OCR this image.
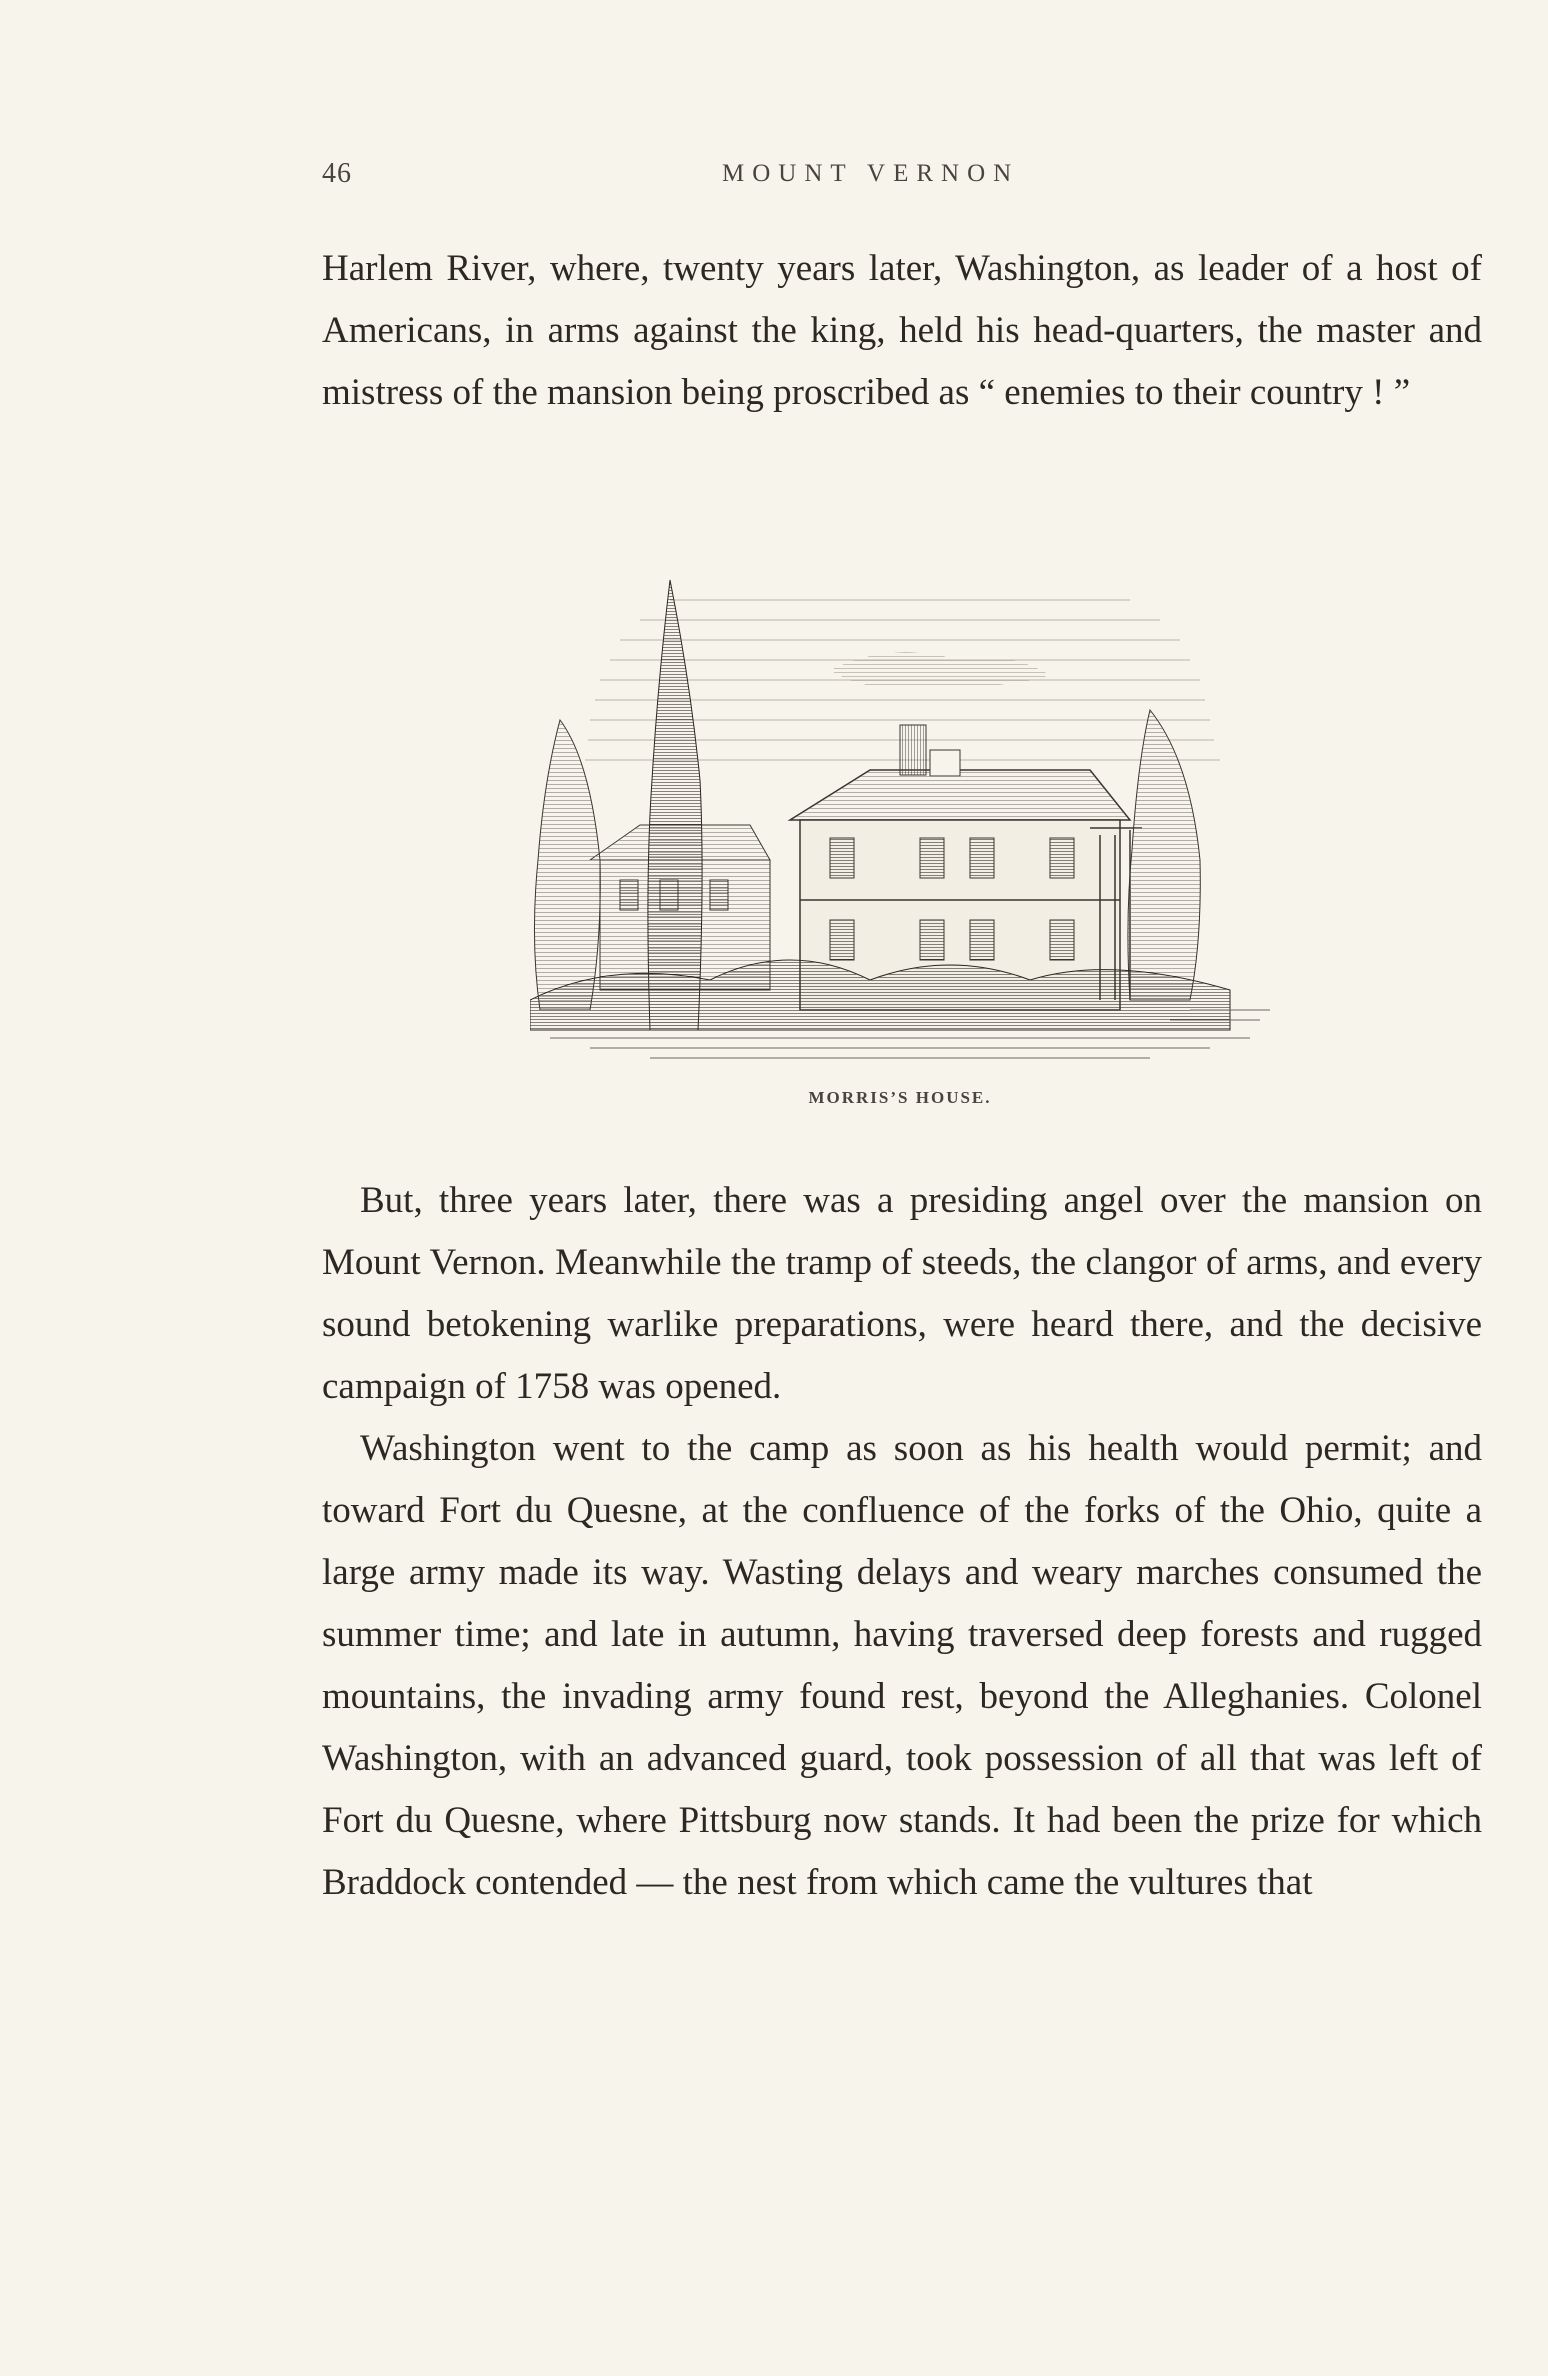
46	MOUNT VERNON

Harlem River, where, twenty years later, Washington, as leader of a host of Americans, in arms against the king, held his head-quarters, the master and mistress of the mansion being proscribed as “ enemies to their country ! ”

MORRIS’S HOUSE.

But, three years later, there was a presiding angel over the mansion on Mount Vernon. Meanwhile the tramp of steeds, the clangor of arms, and every sound betokening warlike preparations, were heard there, and the decisive campaign of 1758 was opened.

Washington went to the camp as soon as his health would permit; and toward Fort du Quesne, at the confluence of the forks of the Ohio, quite a large army made its way. Wasting delays and weary marches consumed the summer time; and late in autumn, having traversed deep forests and rugged mountains, the invading army found rest, beyond the Alleghanies. Colonel Washington, with an advanced guard, took possession of all that was left of Fort du Quesne, where Pittsburg now stands. It had been the prize for which Braddock contended — the nest from which came the vultures that
